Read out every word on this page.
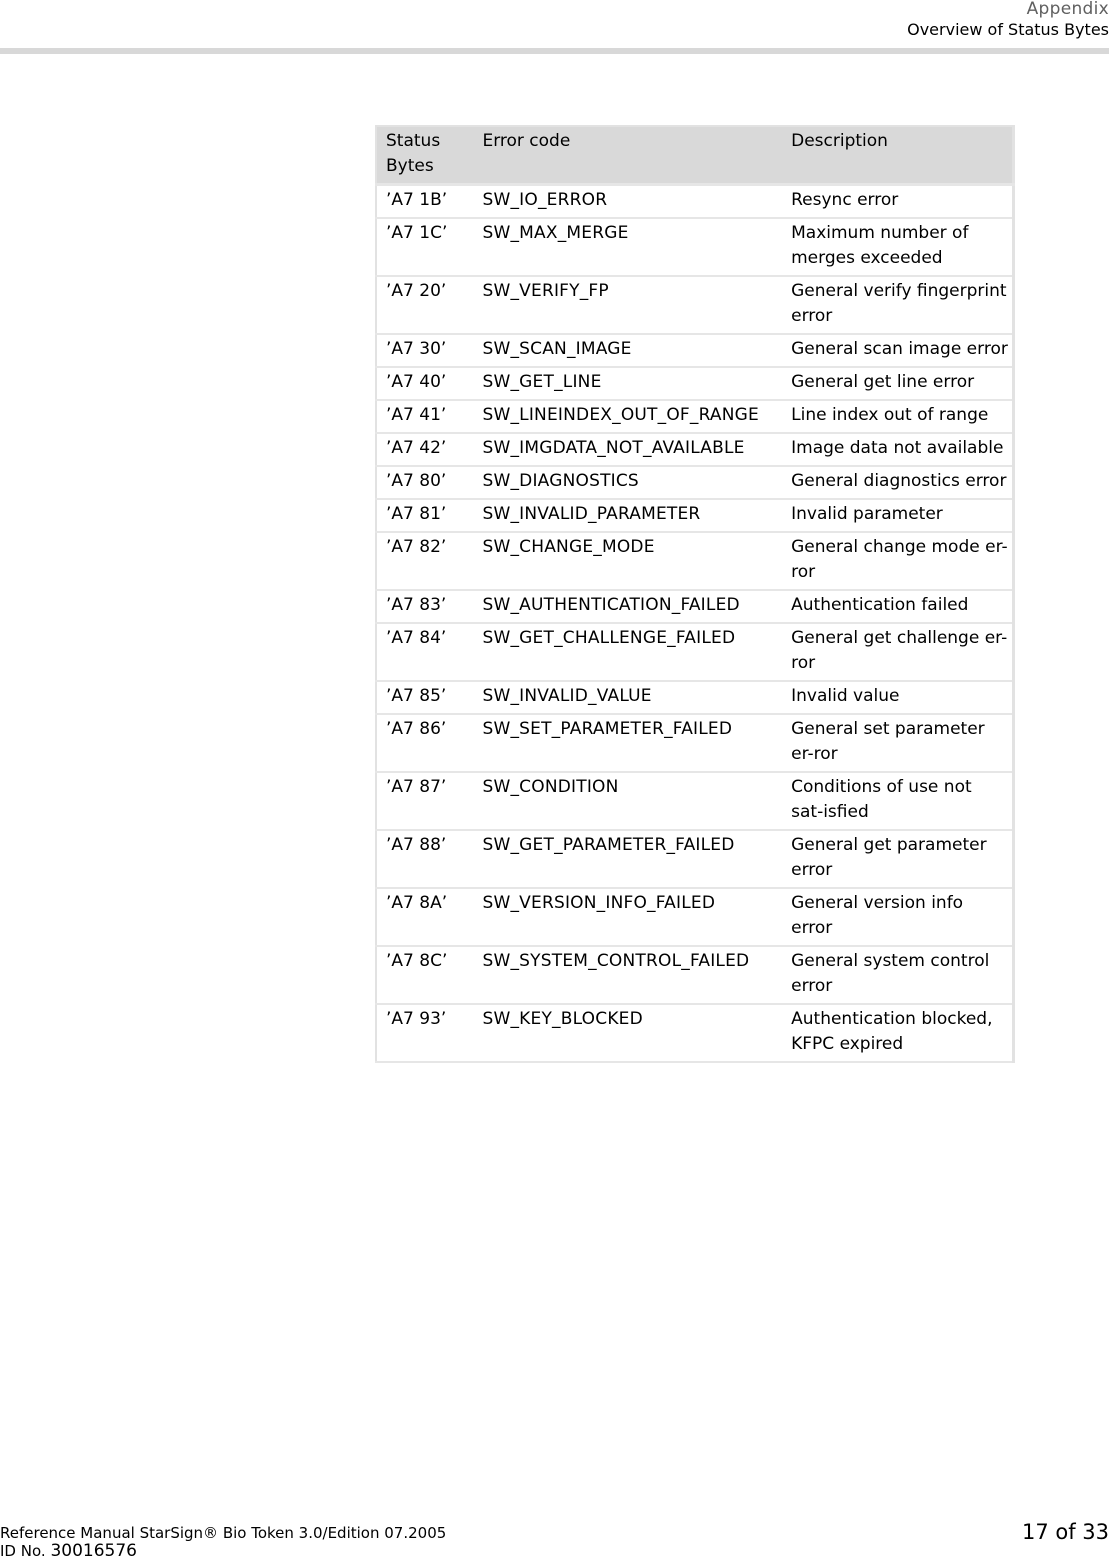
Appendix
Overview of Status Bytes
Status Bytes	Error code	Description
’A7 1B’	SW_IO_ERROR	Resync error
’A7 1C’	SW_MAX_MERGE	Maximum number of merges exceeded
’A7 20’	SW_VERIFY_FP	General verify fingerprint error
’A7 30’	SW_SCAN_IMAGE	General scan image error
’A7 40’	SW_GET_LINE	General get line error
’A7 41’	SW_LINEINDEX_OUT_OF_RANGE	Line index out of range
’A7 42’	SW_IMGDATA_NOT_AVAILABLE	Image data not available
’A7 80’	SW_DIAGNOSTICS	General diagnostics error
’A7 81’	SW_INVALID_PARAMETER	Invalid parameter
’A7 82’	SW_CHANGE_MODE	General change mode er-ror
’A7 83’	SW_AUTHENTICATION_FAILED	Authentication failed
’A7 84’	SW_GET_CHALLENGE_FAILED	General get challenge er-ror
’A7 85’	SW_INVALID_VALUE	Invalid value
’A7 86’	SW_SET_PARAMETER_FAILED	General set parameter er-ror
’A7 87’	SW_CONDITION	Conditions of use not sat-isfied
’A7 88’	SW_GET_PARAMETER_FAILED	General get parameter error
’A7 8A’	SW_VERSION_INFO_FAILED	General version info error
’A7 8C’	SW_SYSTEM_CONTROL_FAILED	General system control error
’A7 93’	SW_KEY_BLOCKED	Authentication blocked, KFPC expired
Reference Manual StarSign® Bio Token 3.0/Edition 07.2005
ID No. 30016576
17 of 33
